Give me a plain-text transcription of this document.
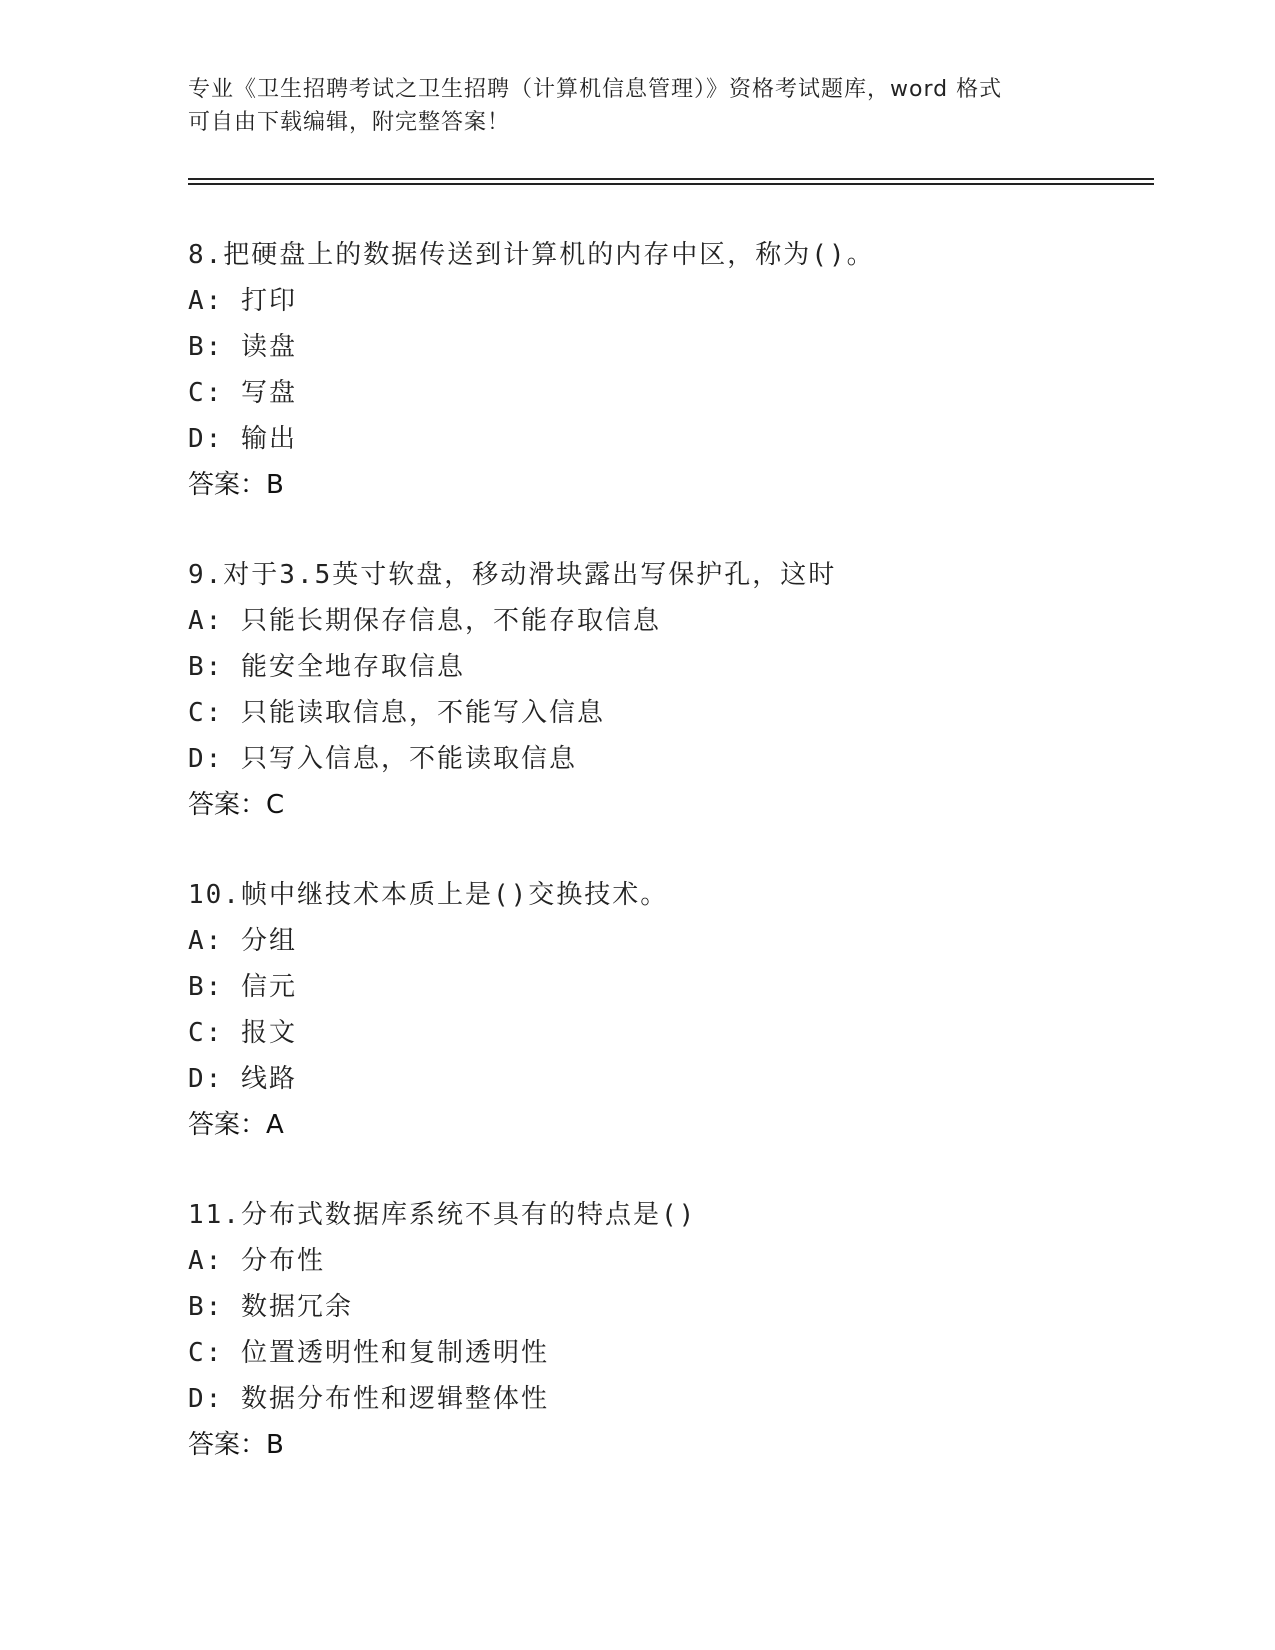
专业《卫生招聘考试之卫生招聘（计算机信息管理）》资格考试题库，word 格式
可自由下载编辑，附完整答案！
8.把硬盘上的数据传送到计算机的内存中区，称为()。
A: 打印
B: 读盘
C: 写盘
D: 输出
答案：B
9.对于3.5英寸软盘，移动滑块露出写保护孔，这时
A: 只能长期保存信息，不能存取信息
B: 能安全地存取信息
C: 只能读取信息，不能写入信息
D: 只写入信息，不能读取信息
答案：C
10.帧中继技术本质上是()交换技术。
A: 分组
B: 信元
C: 报文
D: 线路
答案：A
11.分布式数据库系统不具有的特点是()
A: 分布性
B: 数据冗余
C: 位置透明性和复制透明性
D: 数据分布性和逻辑整体性
答案：B
